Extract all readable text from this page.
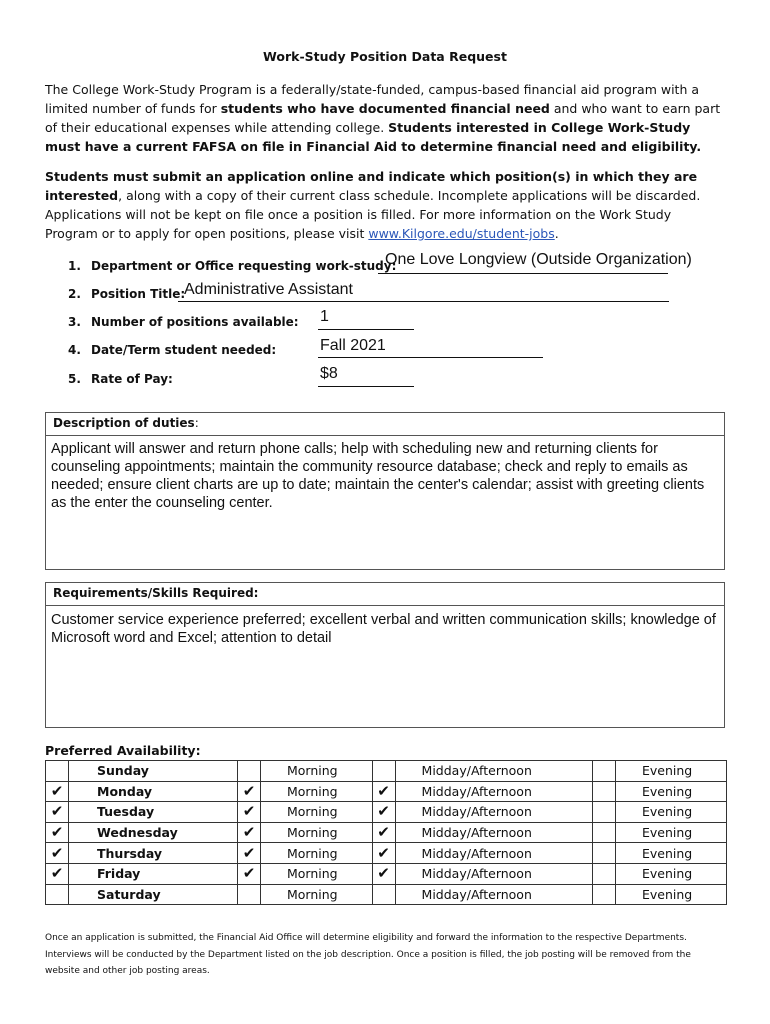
Work-Study Position Data Request
The College Work-Study Program is a federally/state-funded, campus-based financial aid program with a limited number of funds for students who have documented financial need and who want to earn part of their educational expenses while attending college. Students interested in College Work-Study must have a current FAFSA on file in Financial Aid to determine financial need and eligibility.
Students must submit an application online and indicate which position(s) in which they are interested, along with a copy of their current class schedule. Incomplete applications will be discarded. Applications will not be kept on file once a position is filled. For more information on the Work Study Program or to apply for open positions, please visit www.Kilgore.edu/student-jobs.
1. Department or Office requesting work-study:
One Love Longview (Outside Organization)
2. Position Title:
Administrative Assistant
3. Number of positions available: 1
4. Date/Term student needed:	Fall 2021
5. Rate of Pay:	$8
Description of duties:
Applicant will answer and return phone calls; help with scheduling new and returning clients for counseling appointments; maintain the community resource database; check and reply to emails as needed; ensure client charts are up to date; maintain the center's calendar; assist with greeting clients as the enter the counseling center.
Requirements/Skills Required:
Customer service experience preferred; excellent verbal and written communication skills; knowledge of Microsoft word and Excel; attention to detail
Preferred Availability:
	Sunday		Morning		Midday/Afternoon		Evening
✔	Monday	✔	Morning	✔	Midday/Afternoon		Evening
✔	Tuesday	✔	Morning	✔	Midday/Afternoon		Evening
✔	Wednesday	✔	Morning	✔	Midday/Afternoon		Evening
✔	Thursday	✔	Morning	✔	Midday/Afternoon		Evening
✔	Friday	✔	Morning	✔	Midday/Afternoon		Evening
	Saturday		Morning		Midday/Afternoon		Evening
Once an application is submitted, the Financial Aid Office will determine eligibility and forward the information to the respective Departments. Interviews will be conducted by the Department listed on the job description. Once a position is filled, the job posting will be removed from the website and other job posting areas.
